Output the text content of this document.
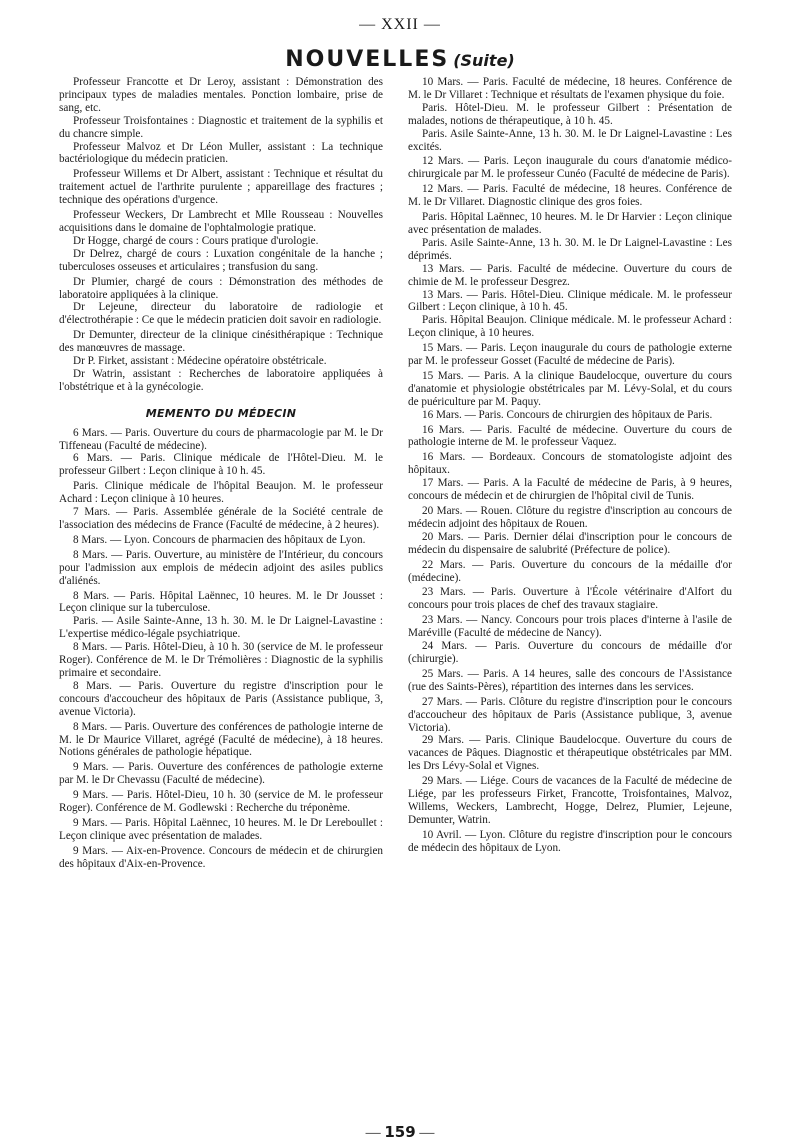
— XXII —
NOUVELLES (Suite)

Professeur Francotte et Dr Leroy, assistant : Démonstration des principaux types de maladies mentales. Ponction lombaire, prise de sang, etc.

Professeur Troisfontaines : Diagnostic et traitement de la syphilis et du chancre simple.

Professeur Malvoz et Dr Léon Muller, assistant : La technique bactériologique du médecin praticien.

Professeur Willems et Dr Albert, assistant : Technique et résultat du traitement actuel de l'arthrite purulente ; appareillage des fractures ; technique des opérations d'urgence.

Professeur Weckers, Dr Lambrecht et Mlle Rousseau : Nouvelles acquisitions dans le domaine de l'ophtalmologie pratique.

Dr Hogge, chargé de cours : Cours pratique d'urologie.

Dr Delrez, chargé de cours : Luxation congénitale de la hanche ; tuberculoses osseuses et articulaires ; transfusion du sang.

Dr Plumier, chargé de cours : Démonstration des méthodes de laboratoire appliquées à la clinique.

Dr Lejeune, directeur du laboratoire de radiologie et d'électrothérapie : Ce que le médecin praticien doit savoir en radiologie.

Dr Demunter, directeur de la clinique cinésithérapique : Technique des manœuvres de massage.

Dr P. Firket, assistant : Médecine opératoire obstétricale.

Dr Watrin, assistant : Recherches de laboratoire appliquées à l'obstétrique et à la gynécologie.

MEMENTO DU MÉDECIN

6 Mars. — Paris. Ouverture du cours de pharmacologie par M. le Dr Tiffeneau (Faculté de médecine).

6 Mars. — Paris. Clinique médicale de l'Hôtel-Dieu. M. le professeur Gilbert : Leçon clinique à 10 h. 45.

Paris. Clinique médicale de l'hôpital Beaujon. M. le professeur Achard : Leçon clinique à 10 heures.

7 Mars. — Paris. Assemblée générale de la Société centrale de l'association des médecins de France (Faculté de médecine, à 2 heures).

8 Mars. — Lyon. Concours de pharmacien des hôpitaux de Lyon.

8 Mars. — Paris. Ouverture, au ministère de l'Intérieur, du concours pour l'admission aux emplois de médecin adjoint des asiles publics d'aliénés.

8 Mars. — Paris. Hôpital Laënnec, 10 heures. M. le Dr Jousset : Leçon clinique sur la tuberculose.

Paris. — Asile Sainte-Anne, 13 h. 30. M. le Dr Laignel-Lavastine : L'expertise médico-légale psychiatrique.

8 Mars. — Paris. Hôtel-Dieu, à 10 h. 30 (service de M. le professeur Roger). Conférence de M. le Dr Trémolières : Diagnostic de la syphilis primaire et secondaire.

8 Mars. — Paris. Ouverture du registre d'inscription pour le concours d'accoucheur des hôpitaux de Paris (Assistance publique, 3, avenue Victoria).

8 Mars. — Paris. Ouverture des conférences de pathologie interne de M. le Dr Maurice Villaret, agrégé (Faculté de médecine), à 18 heures. Notions générales de pathologie hépatique.

9 Mars. — Paris. Ouverture des conférences de pathologie externe par M. le Dr Chevassu (Faculté de médecine).

9 Mars. — Paris. Hôtel-Dieu, 10 h. 30 (service de M. le professeur Roger). Conférence de M. Godlewski : Recherche du tréponème.

9 Mars. — Paris. Hôpital Laënnec, 10 heures. M. le Dr Lereboullet : Leçon clinique avec présentation de malades.

9 Mars. — Aix-en-Provence. Concours de médecin et de chirurgien des hôpitaux d'Aix-en-Provence.

10 Mars. — Paris. Faculté de médecine, 18 heures. Conférence de M. le Dr Villaret : Technique et résultats de l'examen physique du foie.

Paris. Hôtel-Dieu. M. le professeur Gilbert : Présentation de malades, notions de thérapeutique, à 10 h. 45.

Paris. Asile Sainte-Anne, 13 h. 30. M. le Dr Laignel-Lavastine : Les excités.

12 Mars. — Paris. Leçon inaugurale du cours d'anatomie médico-chirurgicale par M. le professeur Cunéo (Faculté de médecine de Paris).

12 Mars. — Paris. Faculté de médecine, 18 heures. Conférence de M. le Dr Villaret. Diagnostic clinique des gros foies.

Paris. Hôpital Laënnec, 10 heures. M. le Dr Harvier : Leçon clinique avec présentation de malades.

Paris. Asile Sainte-Anne, 13 h. 30. M. le Dr Laignel-Lavastine : Les déprimés.

13 Mars. — Paris. Faculté de médecine. Ouverture du cours de chimie de M. le professeur Desgrez.

13 Mars. — Paris. Hôtel-Dieu. Clinique médicale. M. le professeur Gilbert : Leçon clinique, à 10 h. 45.

Paris. Hôpital Beaujon. Clinique médicale. M. le professeur Achard : Leçon clinique, à 10 heures.

15 Mars. — Paris. Leçon inaugurale du cours de pathologie externe par M. le professeur Gosset (Faculté de médecine de Paris).

15 Mars. — Paris. A la clinique Baudelocque, ouverture du cours d'anatomie et physiologie obstétricales par M. Lévy-Solal, et du cours de puériculture par M. Paquy.

16 Mars. — Paris. Concours de chirurgien des hôpitaux de Paris.

16 Mars. — Paris. Faculté de médecine. Ouverture du cours de pathologie interne de M. le professeur Vaquez.

16 Mars. — Bordeaux. Concours de stomatologiste adjoint des hôpitaux.

17 Mars. — Paris. A la Faculté de médecine de Paris, à 9 heures, concours de médecin et de chirurgien de l'hôpital civil de Tunis.

20 Mars. — Rouen. Clôture du registre d'inscription au concours de médecin adjoint des hôpitaux de Rouen.

20 Mars. — Paris. Dernier délai d'inscription pour le concours de médecin du dispensaire de salubrité (Préfecture de police).

22 Mars. — Paris. Ouverture du concours de la médaille d'or (médecine).

23 Mars. — Paris. Ouverture à l'École vétérinaire d'Alfort du concours pour trois places de chef des travaux stagiaire.

23 Mars. — Nancy. Concours pour trois places d'interne à l'asile de Maréville (Faculté de médecine de Nancy).

24 Mars. — Paris. Ouverture du concours de médaille d'or (chirurgie).

25 Mars. — Paris. A 14 heures, salle des concours de l'Assistance (rue des Saints-Pères), répartition des internes dans les services.

27 Mars. — Paris. Clôture du registre d'inscription pour le concours d'accoucheur des hôpitaux de Paris (Assistance publique, 3, avenue Victoria).

29 Mars. — Paris. Clinique Baudelocque. Ouverture du cours de vacances de Pâques. Diagnostic et thérapeutique obstétricales par MM. les Drs Lévy-Solal et Vignes.

29 Mars. — Liége. Cours de vacances de la Faculté de médecine de Liége, par les professeurs Firket, Francotte, Troisfontaines, Malvoz, Willems, Weckers, Lambrecht, Hogge, Delrez, Plumier, Lejeune, Demunter, Watrin.

10 Avril. — Lyon. Clôture du registre d'inscription pour le concours de médecin des hôpitaux de Lyon.

— 159 —
